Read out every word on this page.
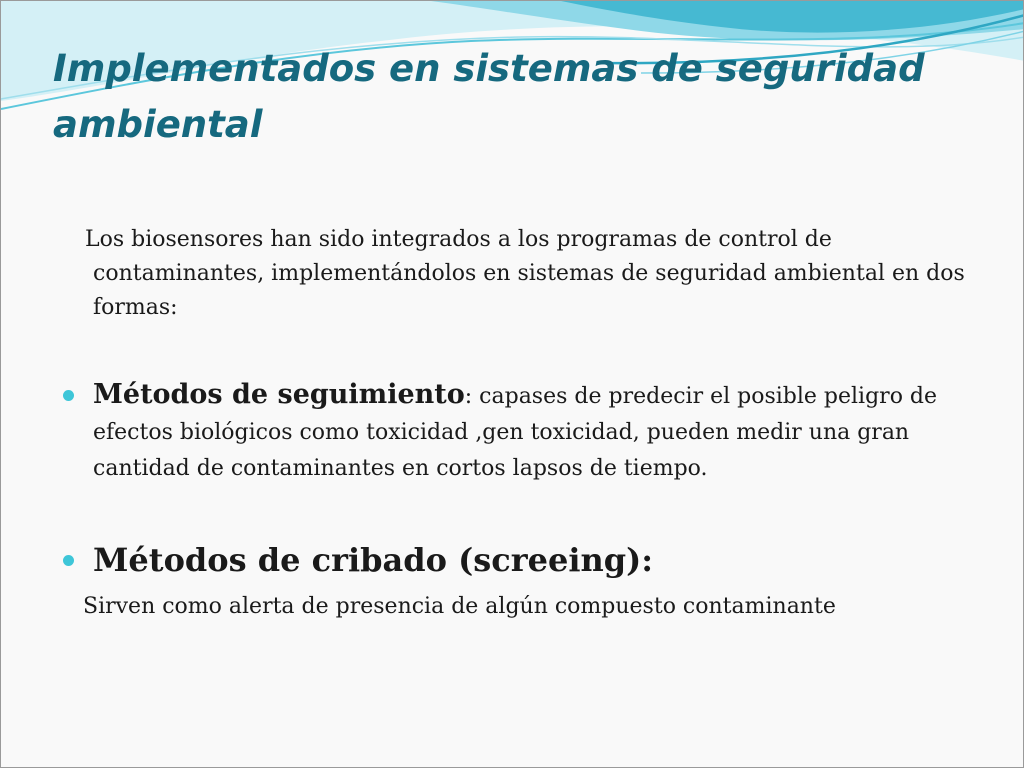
Implementados en sistemas de seguridad ambiental

Los biosensores han sido integrados a los programas de control de contaminantes, implementándolos en sistemas de seguridad ambiental en dos formas:

Métodos de seguimiento: capases de predecir el posible peligro de efectos biológicos como toxicidad ,gen toxicidad, pueden medir una gran cantidad de contaminantes en cortos lapsos de tiempo.
Métodos de cribado (screeing):

Sirven como alerta de presencia de algún compuesto contaminante
